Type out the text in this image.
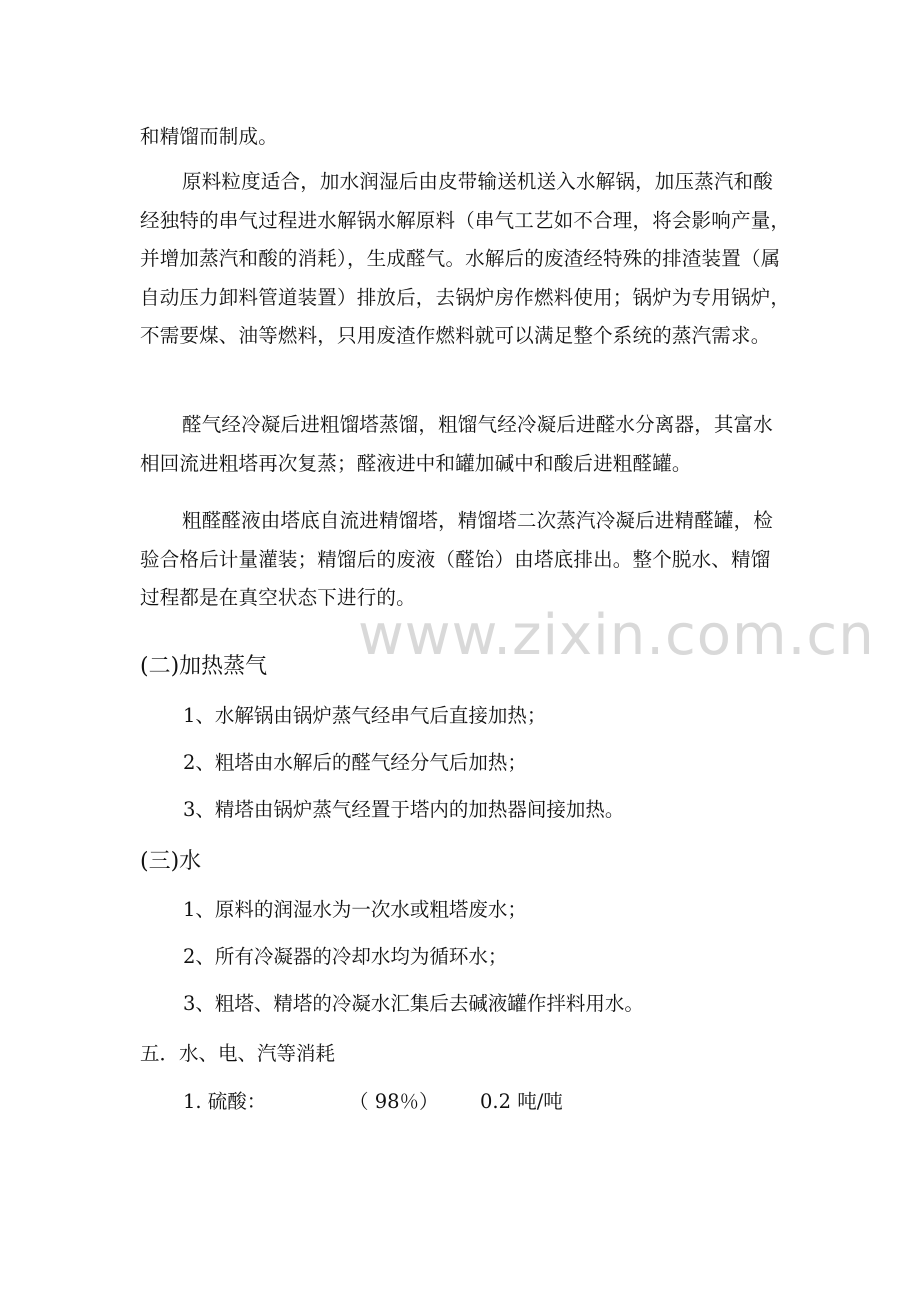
和精馏而制成。

原料粒度适合，加水润湿后由皮带输送机送入水解锅，加压蒸汽和酸
经独特的串气过程进水解锅水解原料（串气工艺如不合理，将会影响产量，
并增加蒸汽和酸的消耗），生成醛气。水解后的废渣经特殊的排渣装置（属
自动压力卸料管道装置）排放后，去锅炉房作燃料使用；锅炉为专用锅炉，
不需要煤、油等燃料，只用废渣作燃料就可以满足整个系统的蒸汽需求。

醛气经冷凝后进粗馏塔蒸馏，粗馏气经冷凝后进醛水分离器，其富水
相回流进粗塔再次复蒸；醛液进中和罐加碱中和酸后进粗醛罐。

粗醛醛液由塔底自流进精馏塔，精馏塔二次蒸汽冷凝后进精醛罐，检
验合格后计量灌装；精馏后的废液（醛饴）由塔底排出。整个脱水、精馏
过程都是在真空状态下进行的。

www.zixin.com.cn
(二)加热蒸气

1、水解锅由锅炉蒸气经串气后直接加热；

2、粗塔由水解后的醛气经分气后加热；

3、精塔由锅炉蒸气经置于塔内的加热器间接加热。

(三)水

1、原料的润湿水为一次水或粗塔废水；

2、所有冷凝器的冷却水均为循环水；

3、粗塔、精塔的冷凝水汇集后去碱液罐作拌料用水。

五．水、电、汽等消耗

1. 硫酸：	（ 98％） 0.2 吨/吨
